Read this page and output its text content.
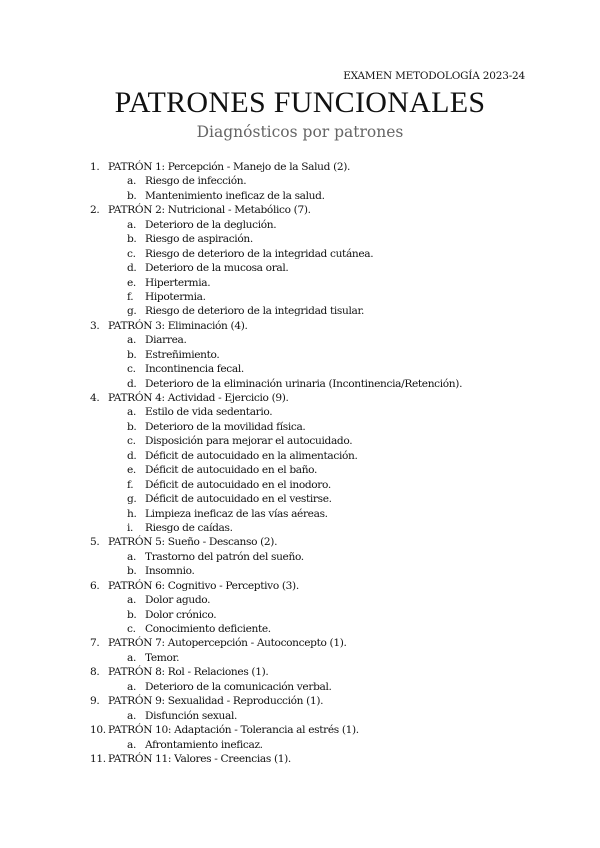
EXAMEN METODOLOGÍA 2023-24
PATRONES FUNCIONALES
Diagnósticos por patrones
1. PATRÓN 1: Percepción - Manejo de la Salud (2).
a. Riesgo de infección.
b. Mantenimiento ineficaz de la salud.
2. PATRÓN 2: Nutricional - Metabólico (7).
a. Deterioro de la deglución.
b. Riesgo de aspiración.
c. Riesgo de deterioro de la integridad cutánea.
d. Deterioro de la mucosa oral.
e. Hipertermia.
f. Hipotermia.
g. Riesgo de deterioro de la integridad tisular.
3. PATRÓN 3: Eliminación (4).
a. Diarrea.
b. Estreñimiento.
c. Incontinencia fecal.
d. Deterioro de la eliminación urinaria (Incontinencia/Retención).
4. PATRÓN 4: Actividad - Ejercicio (9).
a. Estilo de vida sedentario.
b. Deterioro de la movilidad física.
c. Disposición para mejorar el autocuidado.
d. Déficit de autocuidado en la alimentación.
e. Déficit de autocuidado en el baño.
f. Déficit de autocuidado en el inodoro.
g. Déficit de autocuidado en el vestirse.
h. Limpieza ineficaz de las vías aéreas.
i. Riesgo de caídas.
5. PATRÓN 5: Sueño - Descanso (2).
a. Trastorno del patrón del sueño.
b. Insomnio.
6. PATRÓN 6: Cognitivo - Perceptivo (3).
a. Dolor agudo.
b. Dolor crónico.
c. Conocimiento deficiente.
7. PATRÓN 7: Autopercepción - Autoconcepto (1).
a. Temor.
8. PATRÓN 8: Rol - Relaciones (1).
a. Deterioro de la comunicación verbal.
9. PATRÓN 9: Sexualidad - Reproducción (1).
a. Disfunción sexual.
10. PATRÓN 10: Adaptación - Tolerancia al estrés (1).
a. Afrontamiento ineficaz.
11. PATRÓN 11: Valores - Creencias (1).
